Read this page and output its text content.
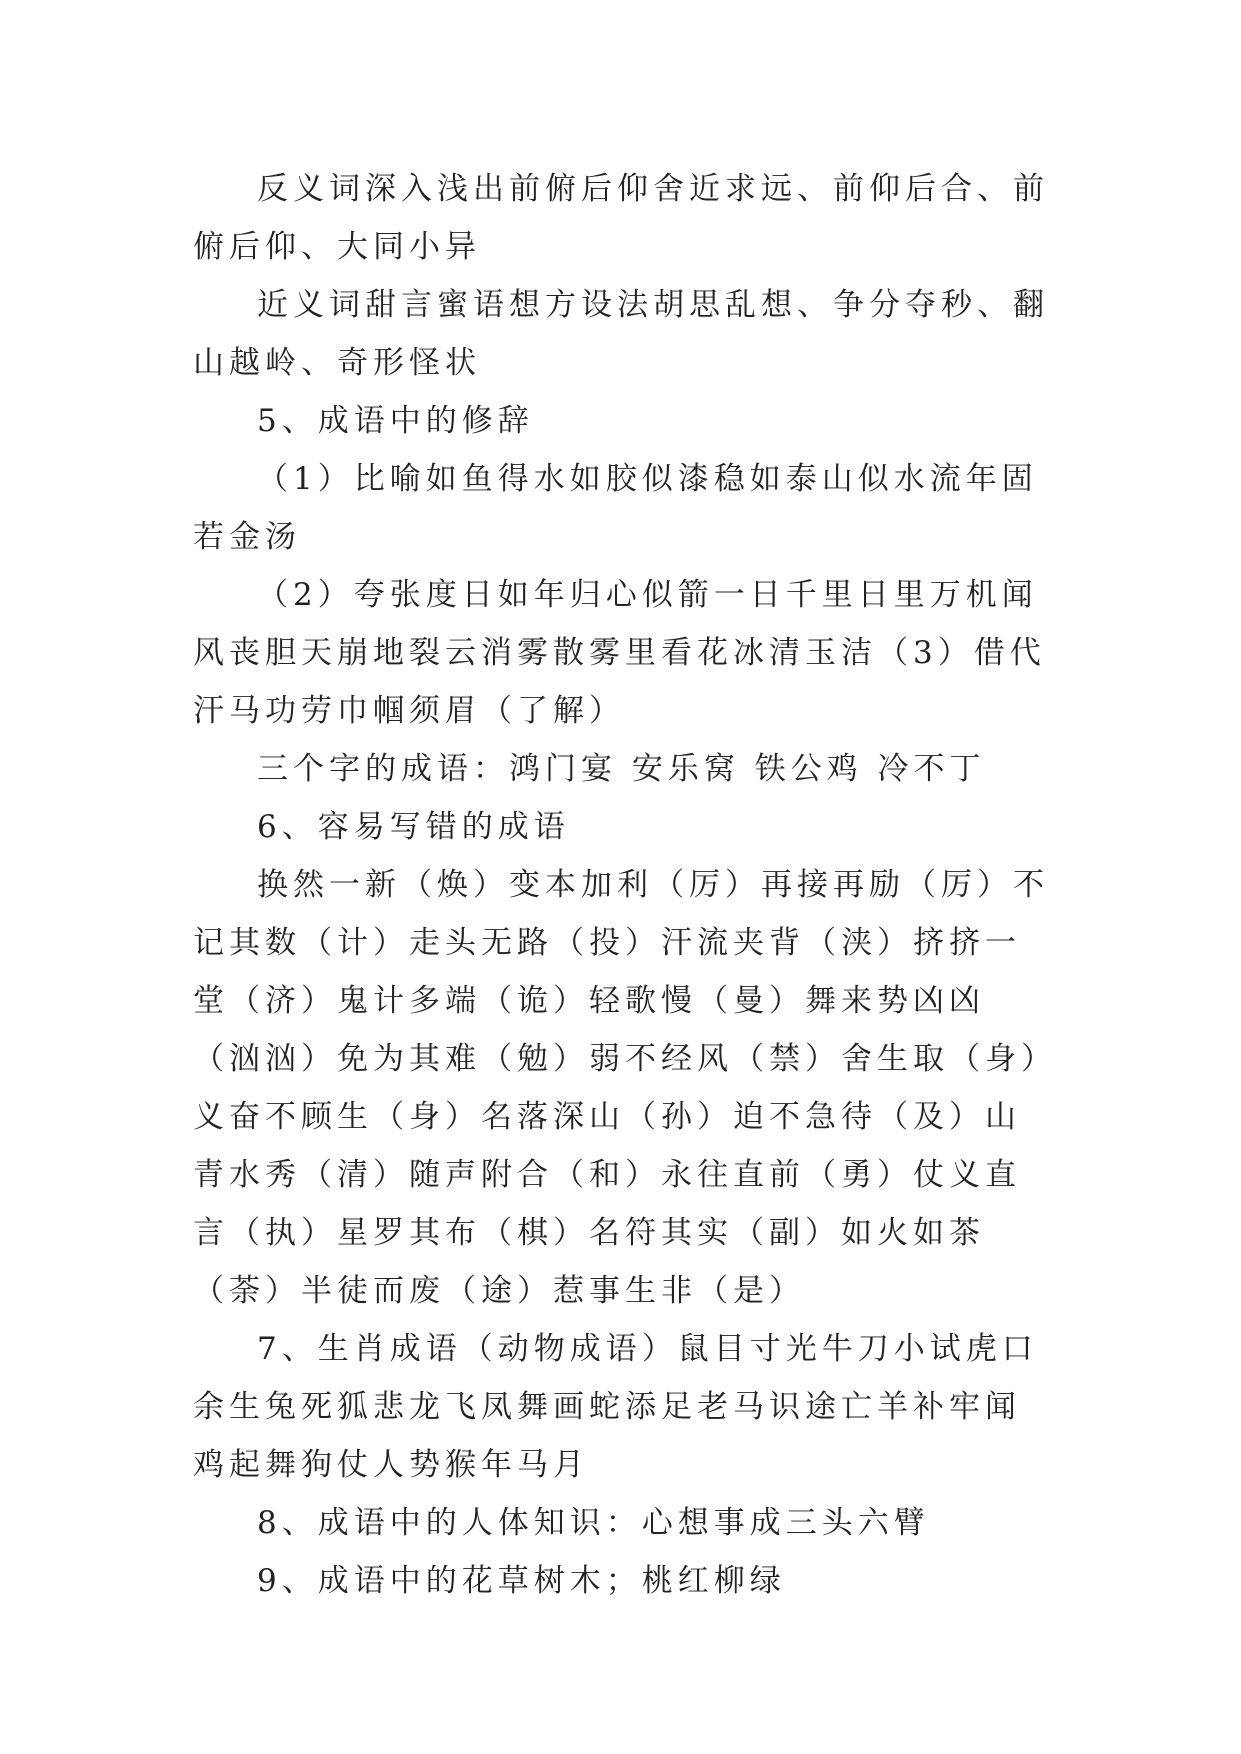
反义词深入浅出前俯后仰舍近求远、前仰后合、前俯后仰、大同小异

近义词甜言蜜语想方设法胡思乱想、争分夺秒、翻山越岭、奇形怪状

5、成语中的修辞

（1）比喻如鱼得水如胶似漆稳如泰山似水流年固若金汤

（2）夸张度日如年归心似箭一日千里日里万机闻风丧胆天崩地裂云消雾散雾里看花冰清玉洁（3）借代汗马功劳巾帼须眉（了解）

三个字的成语：鸿门宴 安乐窝 铁公鸡 冷不丁

6、容易写错的成语

换然一新（焕）变本加利（厉）再接再励（厉）不记其数（计）走头无路（投）汗流夹背（浃）挤挤一堂（济）鬼计多端（诡）轻歌慢（曼）舞来势凶凶（汹汹）免为其难（勉）弱不经风（禁）舍生取（身）义奋不顾生（身）名落深山（孙）迫不急待（及）山青水秀（清）随声附合（和）永往直前（勇）仗义直言（执）星罗其布（棋）名符其实（副）如火如茶（荼）半徒而废（途）惹事生非（是）

7、生肖成语（动物成语）鼠目寸光牛刀小试虎口余生兔死狐悲龙飞凤舞画蛇添足老马识途亡羊补牢闻鸡起舞狗仗人势猴年马月

8、成语中的人体知识：心想事成三头六臂

9、成语中的花草树木；桃红柳绿
